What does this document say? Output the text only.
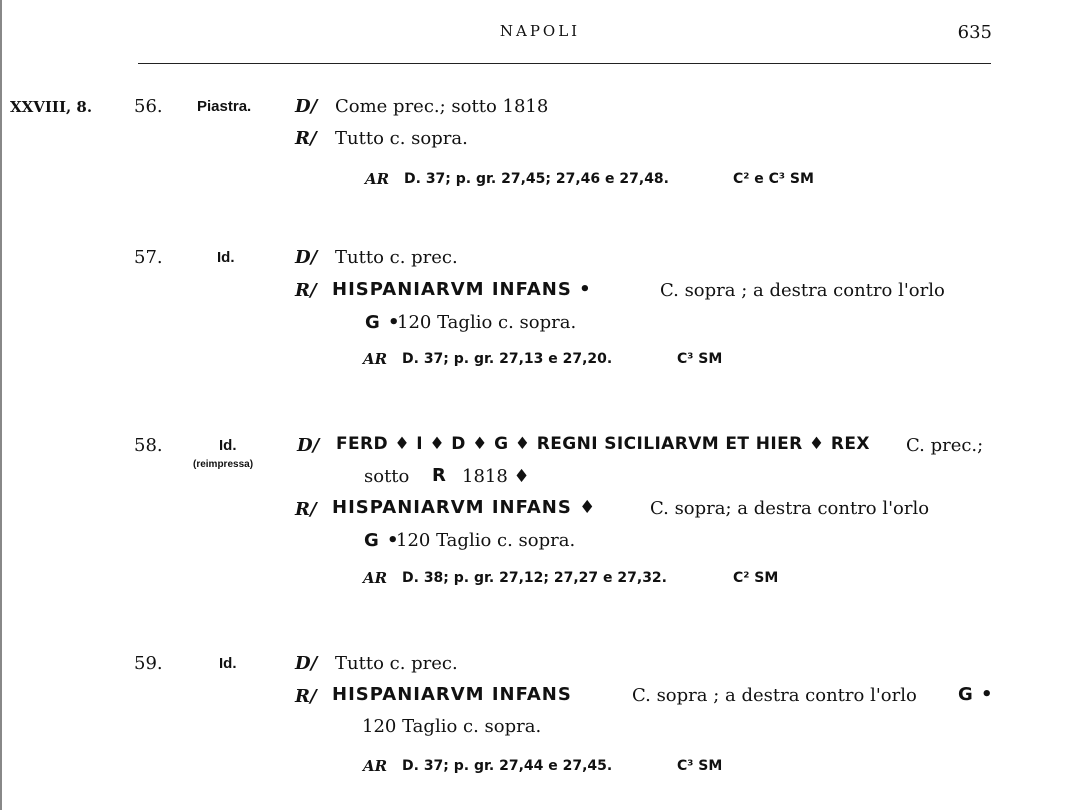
NAPOLI	635
XXVIII, 8. 56. Piastra. D/ Come prec.; sotto 1818
R/ Tutto c. sopra.
AR D. 37; p. gr. 27,45; 27,46 e 27,48.	C² e C³ SM
57.	Id.	D/ Tutto c. prec.
R/ HISPANIARVM INFANS •	C. sopra ; a destra contro l'orlo
G •
120 Taglio c. sopra.
AR D. 37; p. gr. 27,13 e 27,20.	C³ SM
58.	Id.
(reimpressa)
D/ FERD ♦ I ♦ D ♦ G ♦ REGNI SICILIARVM ET HIER ♦ REX C. prec.;
sotto R 1818 ♦
R/ HISPANIARVM INFANS ♦	C. sopra; a destra contro l'orlo
G •
120 Taglio c. sopra.
AR D. 38; p. gr. 27,12; 27,27 e 27,32.	C² SM
59.	Id.	D/ Tutto c. prec.
R/ HISPANIARVM INFANS	C. sopra ; a destra contro l'orlo G •
120 Taglio c. sopra.
AR D. 37; p. gr. 27,44 e 27,45.	C³ SM
